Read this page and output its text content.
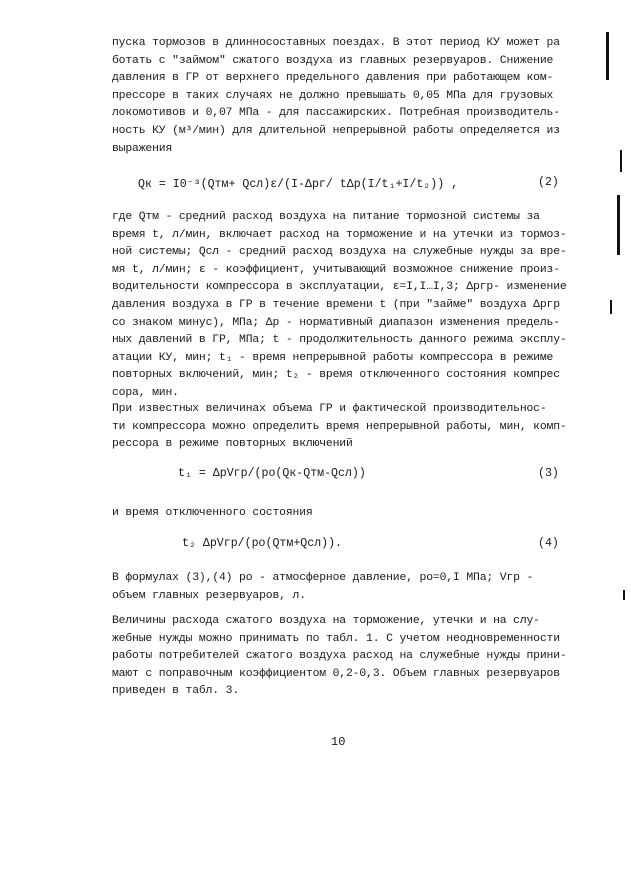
пуска тормозов в длинносоставных поездах. В этот период КУ может ра
ботать с "займом" сжатого воздуха из главных резервуаров. Снижение
давления в ГР от верхнего предельного давления при работающем ком-
прессоре в таких случаях не должно превышать 0,05 МПа для грузовых
локомотивов и 0,07 МПа - для пассажирских. Потребная производитель-
ность КУ (м³/мин) для длительной непрерывной работы определяется из
выражения
Qк = I0⁻³(Qтм+ Qсл)ε/(I-Δpг/ tΔp(I/t₁+I/t₂)) ,	(2)
где Qтм - средний расход воздуха на питание тормозной системы за
время t, л/мин, включает расход на торможение и на утечки из тормоз-
ной системы; Qсл - средний расход воздуха на служебные нужды за вре-
мя t, л/мин; ε - коэффициент, учитывающий возможное снижение произ-
водительности компрессора в эксплуатации, ε=I,I…I,3; Δpгр- изменение
давления воздуха в ГР в течение времени t (при "займе" воздуха Δpгр
со знаком минус), МПа; Δp - нормативный диапазон изменения предель-
ных давлений в ГР, МПа; t - продолжительность данного режима эксплу-
атации КУ, мин; t₁ - время непрерывной работы компрессора в режиме
повторных включений, мин; t₂ - время отключенного состояния компрес
сора, мин.
При известных величинах объема ГР и фактической производительнос-
ти компрессора можно определить время непрерывной работы, мин, комп-
рессора в режиме повторных включений
t₁ = ΔpVгр/(pо(Qк-Qтм-Qсл))	(3)
и время отключенного состояния
t₂ ΔpVгр/(pо(Qтм+Qсл)).	(4)
В формулах (3),(4) pо - атмосферное давление, pо=0,I МПа; Vгр -
объем главных резервуаров, л.
Величины расхода сжатого воздуха на торможение, утечки и на слу-
жебные нужды можно принимать по табл. 1. С учетом неодновременности
работы потребителей сжатого воздуха расход на служебные нужды прини-
мают с поправочным коэффициентом 0,2-0,3. Объем главных резервуаров
приведен в табл. 3.
10
